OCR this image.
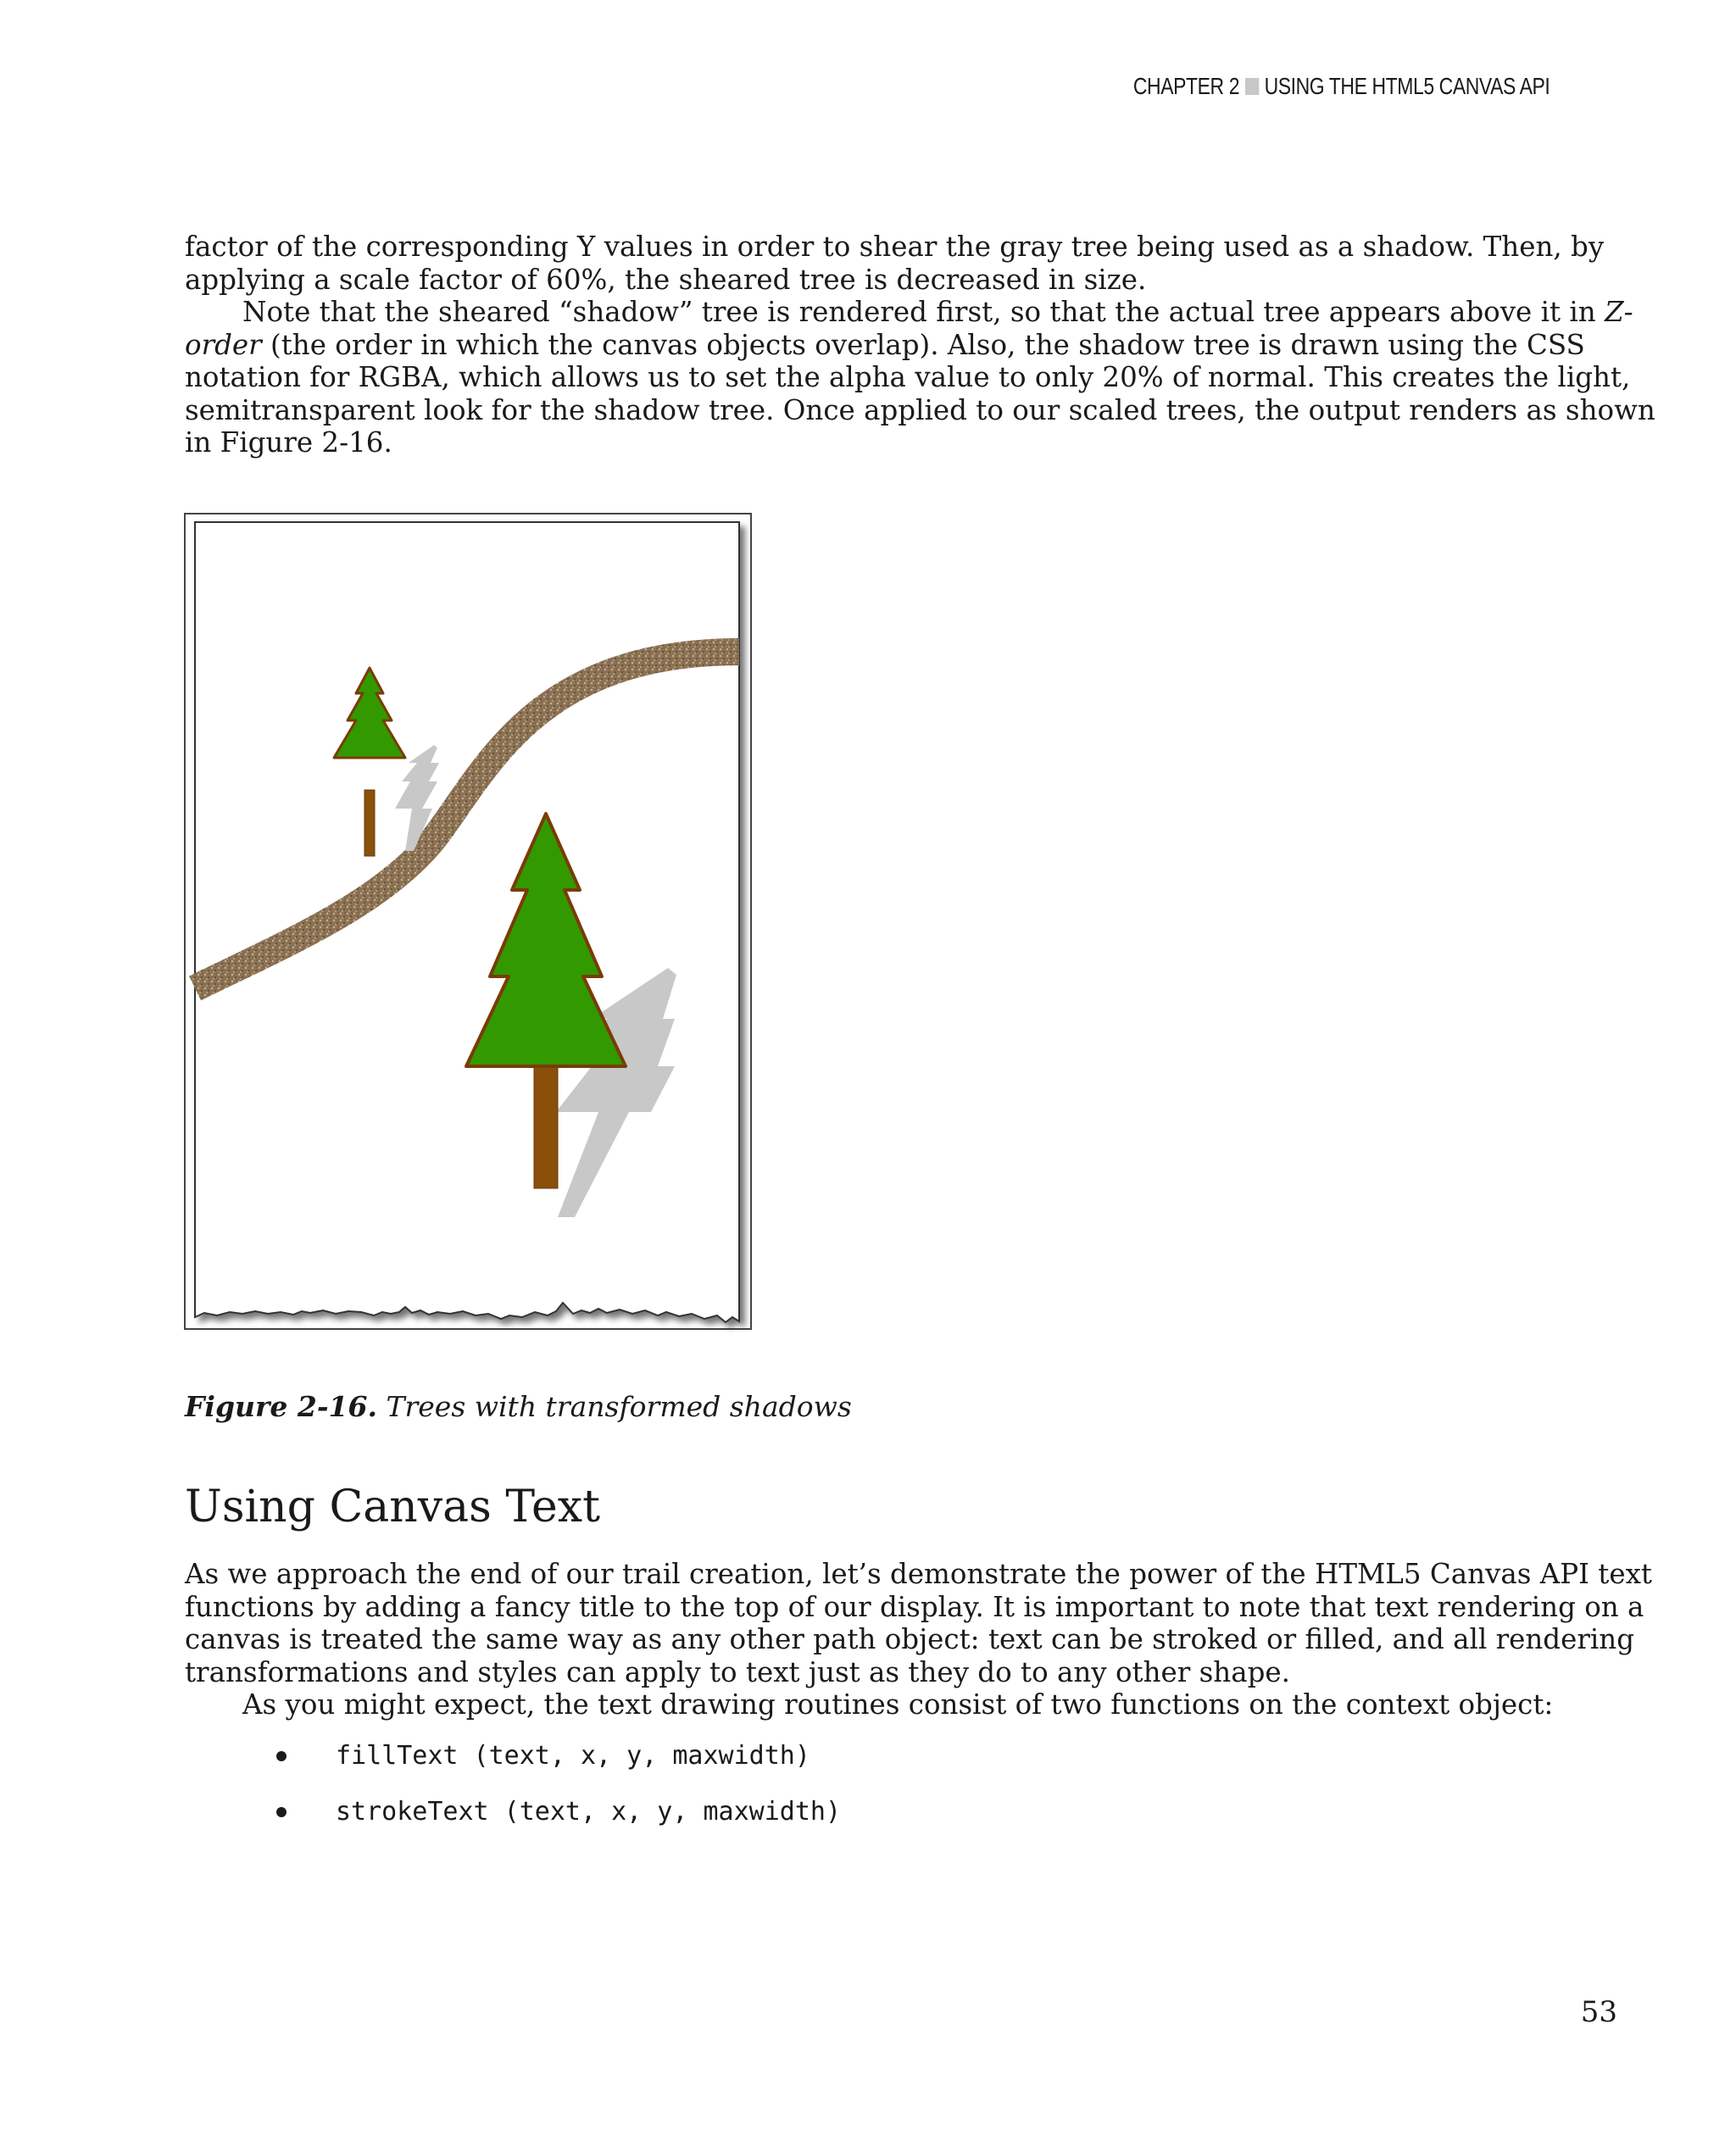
CHAPTER 2 USING THE HTML5 CANVAS API

factor of the corresponding Y values in order to shear the gray tree being used as a shadow. Then, by
applying a scale factor of 60%, the sheared tree is decreased in size.

Note that the sheared “shadow” tree is rendered first, so that the actual tree appears above it in Z-
order (the order in which the canvas objects overlap). Also, the shadow tree is drawn using the CSS
notation for RGBA, which allows us to set the alpha value to only 20% of normal. This creates the light,
semitransparent look for the shadow tree. Once applied to our scaled trees, the output renders as shown
in Figure 2-16.

Figure 2-16. Trees with transformed shadows
Using Canvas Text

As we approach the end of our trail creation, let’s demonstrate the power of the HTML5 Canvas API text
functions by adding a fancy title to the top of our display. It is important to note that text rendering on a
canvas is treated the same way as any other path object: text can be stroked or filled, and all rendering
transformations and styles can apply to text just as they do to any other shape.

As you might expect, the text drawing routines consist of two functions on the context object:

fillText (text, x, y, maxwidth)
strokeText (text, x, y, maxwidth)
53
